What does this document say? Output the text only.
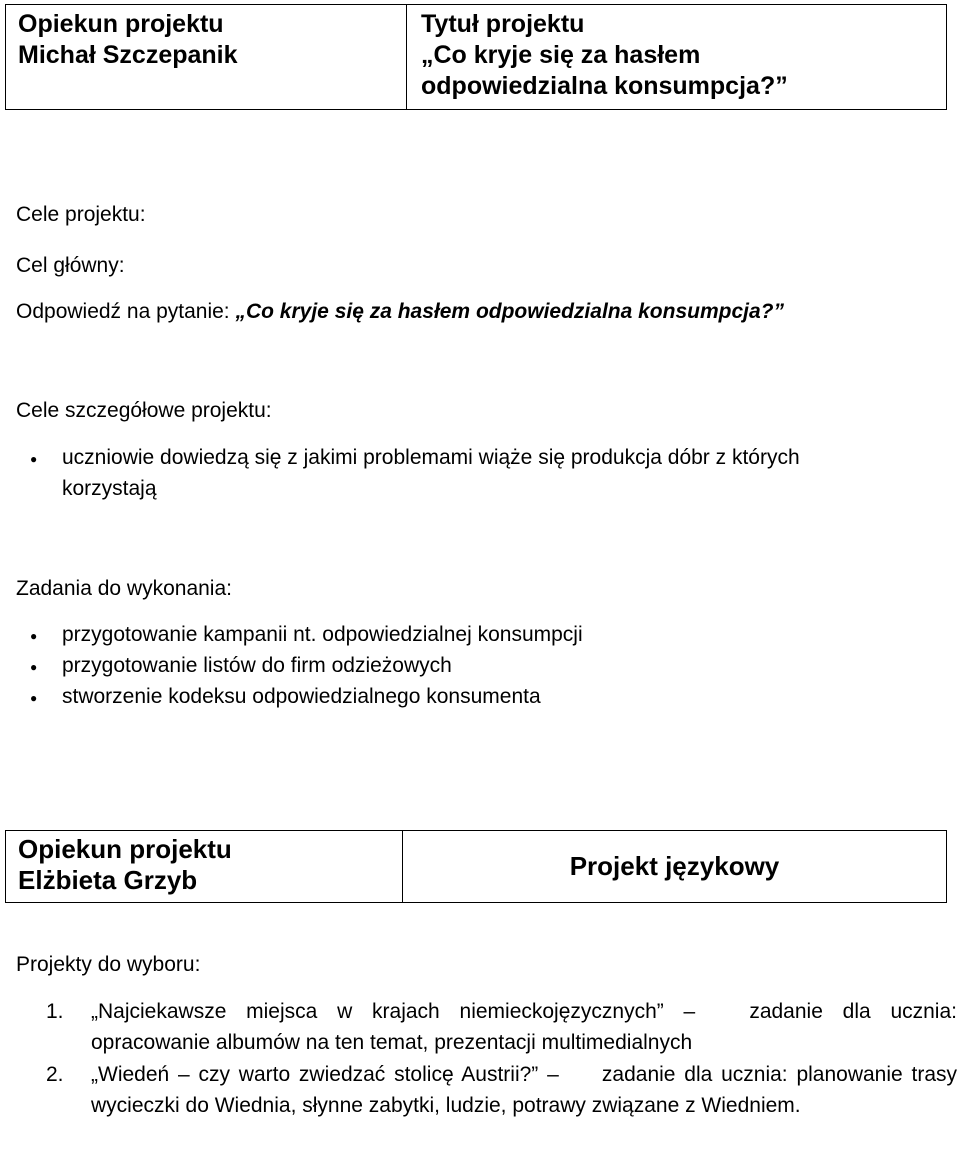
Opiekun projektu
Michał Szczepanik

Tytuł projektu
„Co kryje się za hasłem
odpowiedzialna konsumpcja?”
Cele projektu:
Cel główny:
Odpowiedź na pytanie: „Co kryje się za hasłem odpowiedzialna konsumpcja?”
Cele szczegółowe projektu:
● uczniowie dowiedzą się z jakimi problemami wiąże się produkcja dóbr z których
korzystają
Zadania do wykonania:
● przygotowanie kampanii nt. odpowiedzialnej konsumpcji
● przygotowanie listów do firm odzieżowych
● stworzenie kodeksu odpowiedzialnego konsumenta
Opiekun projektu
Elżbieta Grzyb	Projekt językowy
Projekty do wyboru:
1. „Najciekawsze miejsca w krajach niemieckojęzycznych” –	zadanie dla ucznia: opracowanie albumów na ten temat, prezentacji multimedialnych
2. „Wiedeń – czy warto zwiedzać stolicę Austrii?” – zadanie dla ucznia: planowanie trasy wycieczki do Wiednia, słynne zabytki, ludzie, potrawy związane z Wiedniem.
